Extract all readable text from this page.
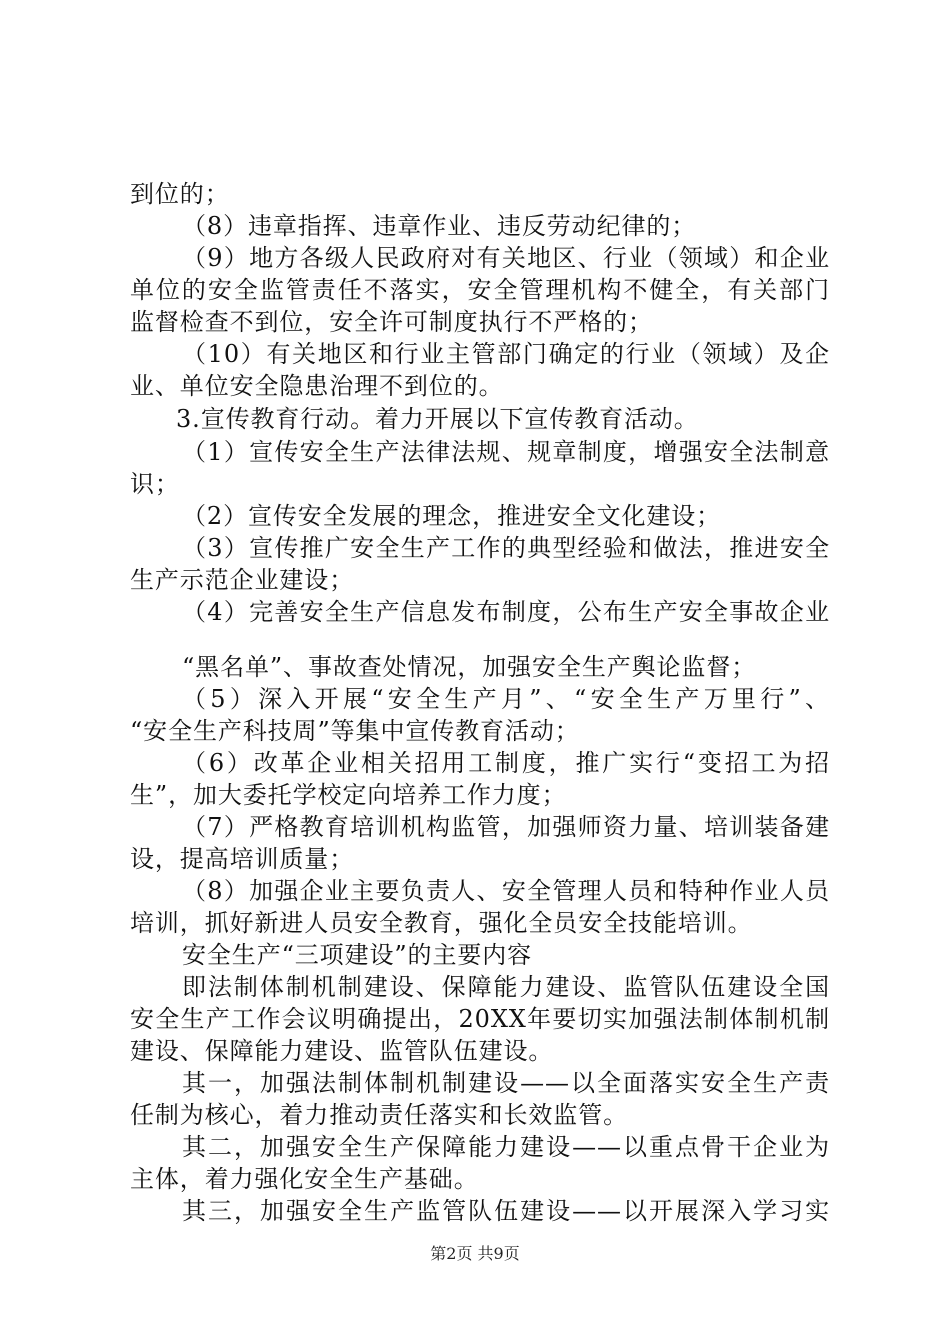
到位的；
（8）违章指挥、违章作业、违反劳动纪律的；
（9）地方各级人民政府对有关地区、行业（领域）和企业
单位的安全监管责任不落实，安全管理机构不健全，有关部门
监督检查不到位，安全许可制度执行不严格的；
（10）有关地区和行业主管部门确定的行业（领域）及企
业、单位安全隐患治理不到位的。
3.宣传教育行动。着力开展以下宣传教育活动。
（1）宣传安全生产法律法规、规章制度，增强安全法制意
识；
（2）宣传安全发展的理念，推进安全文化建设；
（3）宣传推广安全生产工作的典型经验和做法，推进安全
生产示范企业建设；
（4）完善安全生产信息发布制度，公布生产安全事故企业
“黑名单”、事故查处情况，加强安全生产舆论监督；
（5）深入开展“安全生产月”、“安全生产万里行”、
“安全生产科技周”等集中宣传教育活动；
（6）改革企业相关招用工制度，推广实行“变招工为招
生”，加大委托学校定向培养工作力度；
（7）严格教育培训机构监管，加强师资力量、培训装备建
设，提高培训质量；
（8）加强企业主要负责人、安全管理人员和特种作业人员
培训，抓好新进人员安全教育，强化全员安全技能培训。
安全生产“三项建设”的主要内容
即法制体制机制建设、保障能力建设、监管队伍建设全国
安全生产工作会议明确提出，20XX年要切实加强法制体制机制
建设、保障能力建设、监管队伍建设。
其一，加强法制体制机制建设——以全面落实安全生产责
任制为核心，着力推动责任落实和长效监管。
其二，加强安全生产保障能力建设——以重点骨干企业为
主体，着力强化安全生产基础。
其三，加强安全生产监管队伍建设——以开展深入学习实
第2页 共9页
